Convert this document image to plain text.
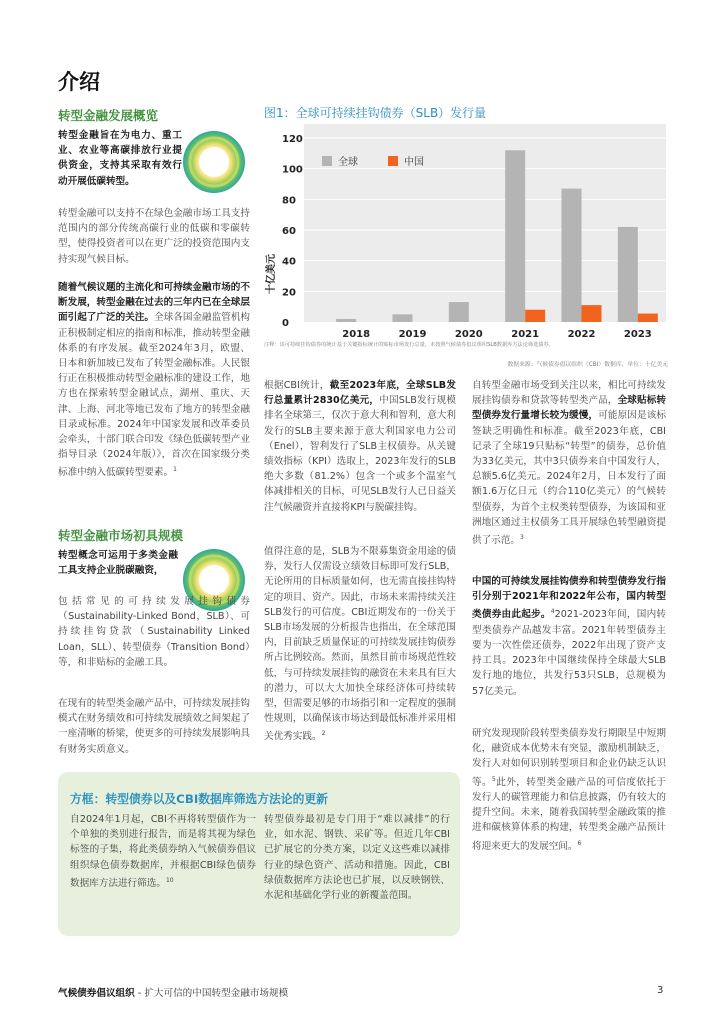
介绍
转型金融发展概览
转型金融旨在为电力、重工业、农业等高碳排放行业提供资金，支持其采取有效行动开展低碳转型。
转型金融可以支持不在绿色金融市场工具支持范围内的部分传统高碳行业的低碳和零碳转型，使得投资者可以在更广泛的投资范围内支持实现气候目标。
随着气候议题的主流化和可持续金融市场的不断发展，转型金融在过去的三年内已在全球层面引起了广泛的关注。全球各国金融监管机构正积极制定相应的指南和标准，推动转型金融体系的有序发展。截至2024年3月，欧盟、日本和新加坡已发布了转型金融标准。人民银行正在积极推动转型金融标准的建设工作，地方也在探索转型金融试点，湖州、重庆、天津、上海、河北等地已发布了地方的转型金融目录或标准。2024年中国家发展和改革委员会牵头，十部门联合印发《绿色低碳转型产业指导目录（2024年版）》，首次在国家级分类标准中纳入低碳转型要素。$^1$
转型金融市场初具规模
转型概念可运用于多类金融工具支持企业脱碳融资，
包括常见的可持续发展挂钩债券（Sustainability-Linked Bond，SLB）、可持续挂钩贷款（Sustainability Linked Loan，SLL）、转型债券（Transition Bond）等，和非贴标的金融工具。
在现有的转型类金融产品中，可持续发展挂钩模式在财务绩效和可持续发展绩效之间架起了一座清晰的桥梁，使更多的可持续发展影响具有财务实质意义。
图1：全球可持续挂钩债券（SLB）发行量
0
20
40
60
80
100
120
2018	2019	2020	2021	2022	2023
十亿美元
全球	中国
注释：该可持续挂钩债券的统计基于关键指标统计的贴标市场发行总量，未按照气候债券倡议组织SLB数据库方法论筛选债券。
数据来源：气候债券倡议组织（CBI）数据库，单位：十亿美元
根据CBI统计，截至2023年底，全球SLB发行总量累计2830亿美元，中国SLB发行规模排名全球第三，仅次于意大利和智利，意大利发行的SLB主要来源于意大利国家电力公司（Enel），智利发行了SLB主权债券。从关键绩效指标（KPI）选取上，2023年发行的SLB绝大多数（81.2%）包含一个或多个温室气体减排相关的目标，可见SLB发行人已日益关注气候融资并直接将KPI与脱碳挂钩。
值得注意的是，SLB为不限募集资金用途的债券，发行人仅需设立绩效目标即可发行SLB，无论所用的目标质量如何，也无需直接挂钩特定的项目、资产。因此，市场未来需持续关注SLB发行的可信度。CBI近期发布的一份关于SLB市场发展的分析报告也指出，在全球范围内，目前缺乏质量保证的可持续发展挂钩债券所占比例较高。然而，虽然目前市场规范性较低，与可持续发展挂钩的融资在未来具有巨大的潜力，可以大大加快全球经济体可持续转型，但需要足够的市场指引和一定程度的强制性规则，以确保该市场达到最低标准并采用相关优秀实践。$^2$
自转型金融市场受到关注以来，相比可持续发展挂钩债券和贷款等转型类产品，全球贴标转型债券发行量增长较为缓慢，可能原因是该标签缺乏明确性和标准。截至2023年底，CBI记录了全球19只贴标“转型”的债券，总价值为33亿美元，其中3只债券来自中国发行人，总额5.6亿美元。2024年2月，日本发行了面额1.6万亿日元（约合110亿美元）的气候转型债券，为首个主权类转型债券，为该国和亚洲地区通过主权债务工具开展绿色转型融资提供了示范。$^3$
中国的可持续发展挂钩债券和转型债券发行指引分别于2021年和2022年公布，国内转型类债券由此起步。$^4$2021-2023年间，国内转型类债券产品越发丰富。2021年转型债券主要为一次性偿还债券，2022年出现了资产支持工具。2023年中国继续保持全球最大SLB发行地的地位，共发行53只SLB，总规模为57亿美元。
研究发现现阶段转型类债券发行期限呈中短期化，融资成本优势未有突显，激励机制缺乏，发行人对如何识别转型项目和企业仍缺乏认识等。$^5$此外，转型类金融产品的可信度依托于发行人的碳管理能力和信息披露，仍有较大的提升空间。未来，随着我国转型金融政策的推进和碳核算体系的构建，转型类金融产品预计将迎来更大的发展空间。$^6$
方框：转型债券以及CBI数据库筛选方法论的更新
自2024年1月起，CBI不再将转型债作为一个单独的类别进行报告，而是将其视为绿色标签的子集，将此类债券纳入气候债券倡议组织绿色债券数据库，并根据CBI绿色债券数据库方法进行筛选。$^{10}$
转型债券最初是专门用于“难以减排”的行业，如水泥、钢铁、采矿等。但近几年CBI已扩展它的分类方案，以定义这些难以减排行业的绿色资产、活动和措施。因此，CBI绿债数据库方法论也已扩展，以反映钢铁、水泥和基础化学行业的新覆盖范围。
气候债券倡议组织 - 扩大可信的中国转型金融市场规模	3
